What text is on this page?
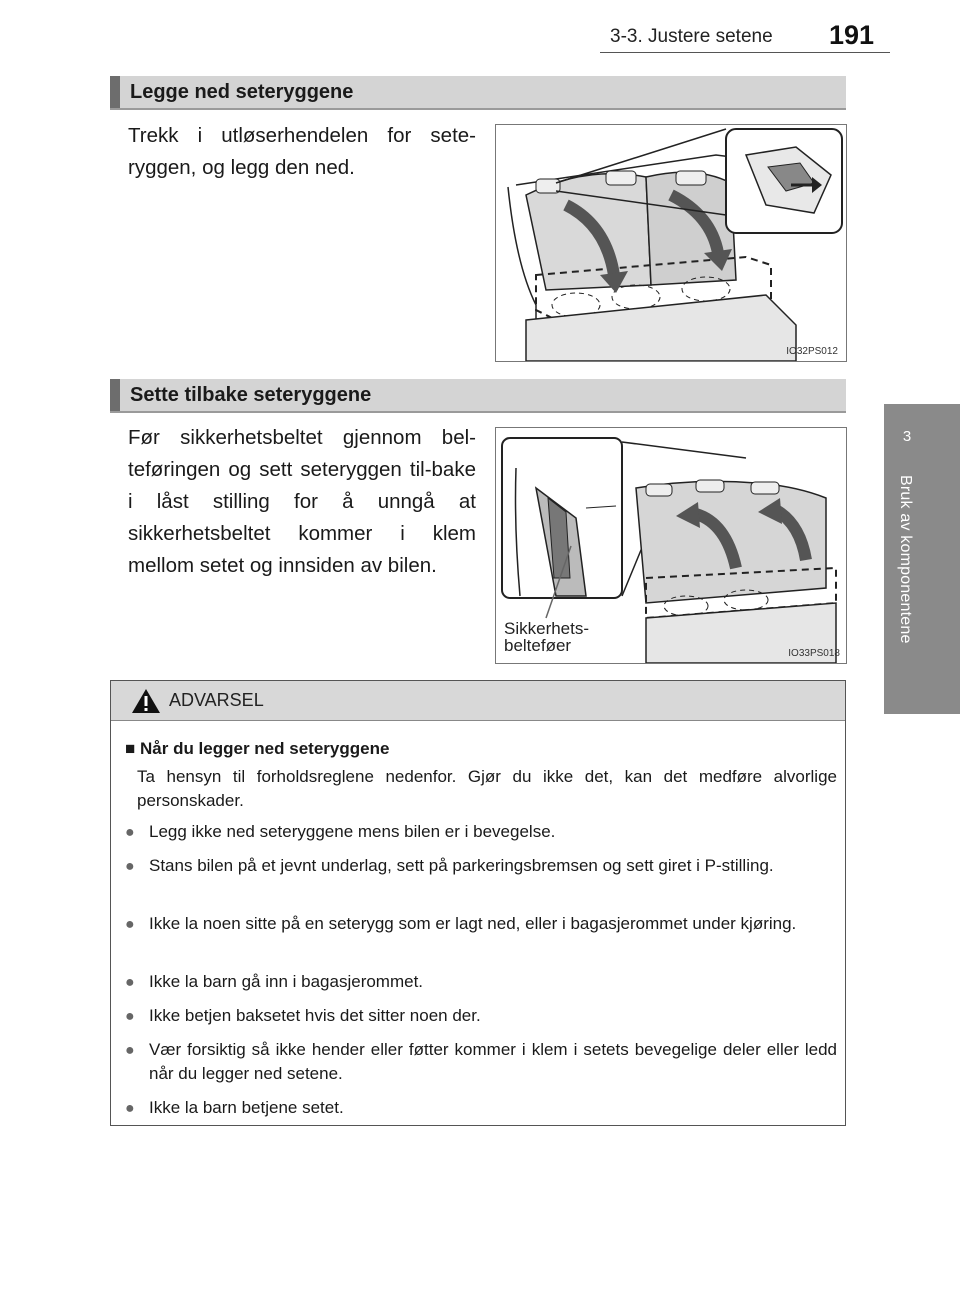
3-3. Justere setene 191
3
Bruk av komponentene
Legge ned seteryggene
Trekk i utløserhendelen for sete-ryggen, og legg den ned.
IO32PS012
Sette tilbake seteryggene
Før sikkerhetsbeltet gjennom bel-teføringen og sett seteryggen til-bake i låst stilling for å unngå at sikkerhetsbeltet kommer i klem mellom setet og innsiden av bilen.
Sikkerhets-
belteføer	IO33PS018
ADVARSEL
■ Når du legger ned seteryggene
Ta hensyn til forholdsreglene nedenfor. Gjør du ikke det, kan det medføre alvorlige personskader.
● Legg ikke ned seteryggene mens bilen er i bevegelse.
● Stans bilen på et jevnt underlag, sett på parkeringsbremsen og sett giret i P-stilling.
● Ikke la noen sitte på en seterygg som er lagt ned, eller i bagasjerommet under kjøring.
● Ikke la barn gå inn i bagasjerommet.
● Ikke betjen baksetet hvis det sitter noen der.
● Vær forsiktig så ikke hender eller føtter kommer i klem i setets bevegelige deler eller ledd når du legger ned setene.
● Ikke la barn betjene setet.
